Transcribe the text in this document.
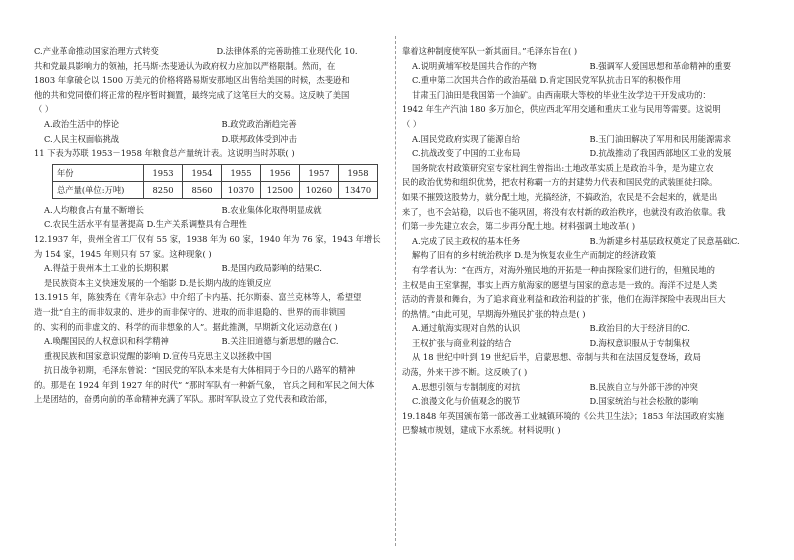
C.产业革命推动国家治理方式转变	D.法律体系的完善助推工业现代化 10.
共和党最具影响力的领袖，托马斯·杰斐逊认为政府权力应加以严格限制。然而，在
1803 年拿破仑以 1500 万美元的价格将路易斯安那地区出售给美国的时候，杰斐逊和
他的共和党同僚们将正常的程序暂时搁置，最终完成了这笔巨大的交易。这反映了美国
（ ）
A.政治生活中的悖论	B.政党政治渐趋完善
C.人民主权面临挑战	D.联邦政体受到冲击
11 下表为苏联 1953－1958 年粮食总产量统计表。这说明当时苏联( )
年份	1953	1954	1955	1956	1957	1958
总产量(单位:万吨)	8250	8560	10370	12500	10260	13470
A.人均粮食占有量不断增长	B.农业集体化取得明显成就
C.农民生活水平有显著提高 D.生产关系调整具有合理性
12.1937 年，贵州全省工厂仅有 55 家，1938 年为 60 家，1940 年为 76 家，1943 年增长
为 154 家，1945 年则只有 57 家。这种现象( )
A.得益于贵州本土工业的长期积累	B.是国内政局影响的结果C.
是民族资本主义快速发展的一个缩影 D.是长期内战的连锁反应
13.1915 年，陈独秀在《青年杂志》中介绍了卡内基、托尔斯泰、富兰克林等人，希望望
造一批“自主的而非奴隶的、进步的而非保守的、进取的而非退隐的、世界的而非锁国
的、实利的而非虚文的、科学的而非想象的人”。据此推测，早期新文化运动意在( )
A.唤醒国民的人权意识和科学精神	B.关注旧道德与新思想的融合C.
重视民族和国家意识觉醒的影响 D.宣传马克思主义以拯救中国
抗日战争初期，毛泽东曾说：“国民党的军队本来是有大体相同于今日的八路军的精神
的。那是在 1924 年到 1927 年的时代” “那时军队有一种新气象， 官兵之间和军民之间大体
上是团结的，奋勇向前的革命精神充满了军队。那时军队设立了党代表和政治部，
靠着这种制度使军队一新其面目。”毛泽东旨在( )
A.说明黄埔军校是国共合作的产物	B.强调军人爱国思想和革命精神的重要
C.重申第二次国共合作的政治基础 D.肯定国民党军队抗击日军的积极作用
甘肃玉门油田是我国第一个油矿。由西南联大等校的毕业生汝学边干开发成功的：
1942 年生产汽油 180 多万加仑，供应西北军用交通和重庆工业与民用等需要。这说明
（ ）
A.国民党政府实现了能源自给	B.玉门油田解决了军用和民用能源需求
C.抗战改变了中国的工业布局	D.抗战推动了我国西部地区工业的发展
国务院农村政策研究室专家杜润生曾指出:土地改革实质上是政治斗争，是为建立农
民的政治优势和组织优势，把农村称霸一方的封建势力代表和国民党的武装匪徒扫除。
如果不摧毁这股势力，就分配土地，光搞经济，不搞政治，农民是不会起来的，就是出
来了，也不会站稳，以后也不能巩固，将没有农村新的政治秩序，也就没有政治依靠。我
们第一步先建立农会，第二步再分配土地。材料强调土地改革( )
A.完成了民主政权的基本任务	B.为新建乡村基层政权奠定了民意基础C.
解构了旧有的乡村统治秩序 D.是为恢复农业生产而制定的经济政策
有学者认为：“在西方，对海外殖民地的开拓是一种由探险家们进行的，但殖民地的
主权是由王室掌握，事实上西方航海家的愿望与国家的意志是一致的。海洋不过是人类
活动的背景和舞台，为了追求商业利益和政治利益的扩张，他们在海洋探险中表现出巨大
的热情。”由此可见，早期海外殖民扩张的特点是( )
A.通过航海实现对自然的认识	B.政治目的大于经济目的C.
王权扩张与商业利益的结合	D.海权意识服从于专制集权
从 18 世纪中叶到 19 世纪后半，启蒙思想、帝制与共和在法国反复登场，政局
动荡，外来干涉不断。这反映了( )
A.思想引领与专制制度的对抗	B.民族自立与外部干涉的冲突
C.浪漫文化与价值观念的脱节	D.国家统治与社会松散的影响
19.1848 年英国颁布第一部改善工业城镇环境的《公共卫生法》；1853 年法国政府实施
巴黎城市规划，建成下水系统。材料说明( )
